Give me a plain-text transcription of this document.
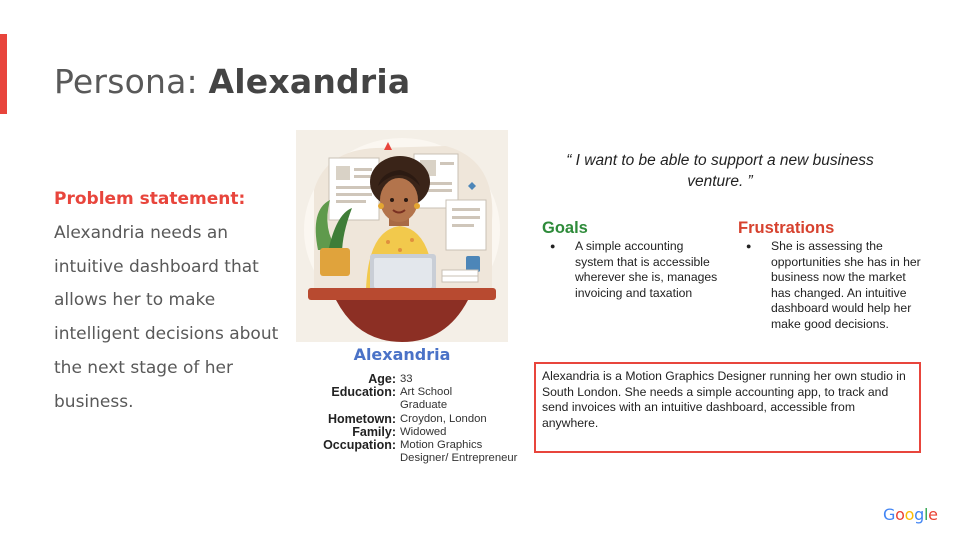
Persona: Alexandria
Problem statement:
Alexandria needs an intuitive dashboard that allows her to make intelligent decisions about the next stage of her business.
Alexandria
Age: 33
Education: Art School Graduate
Hometown: Croydon, London
Family: Widowed
Occupation: Motion Graphics Designer/ Entrepreneur
“ I want to be able to support a new business venture. ”
Goals
● A simple accounting system that is accessible wherever she is, manages invoicing and taxation
Frustrations
● She is assessing the opportunities she has in her business now the market has changed. An intuitive dashboard would help her make good decisions.
Alexandria is a Motion Graphics Designer running her own studio in South London. She needs a simple accounting app, to track and send invoices with an intuitive dashboard, accessible from anywhere.
Google
